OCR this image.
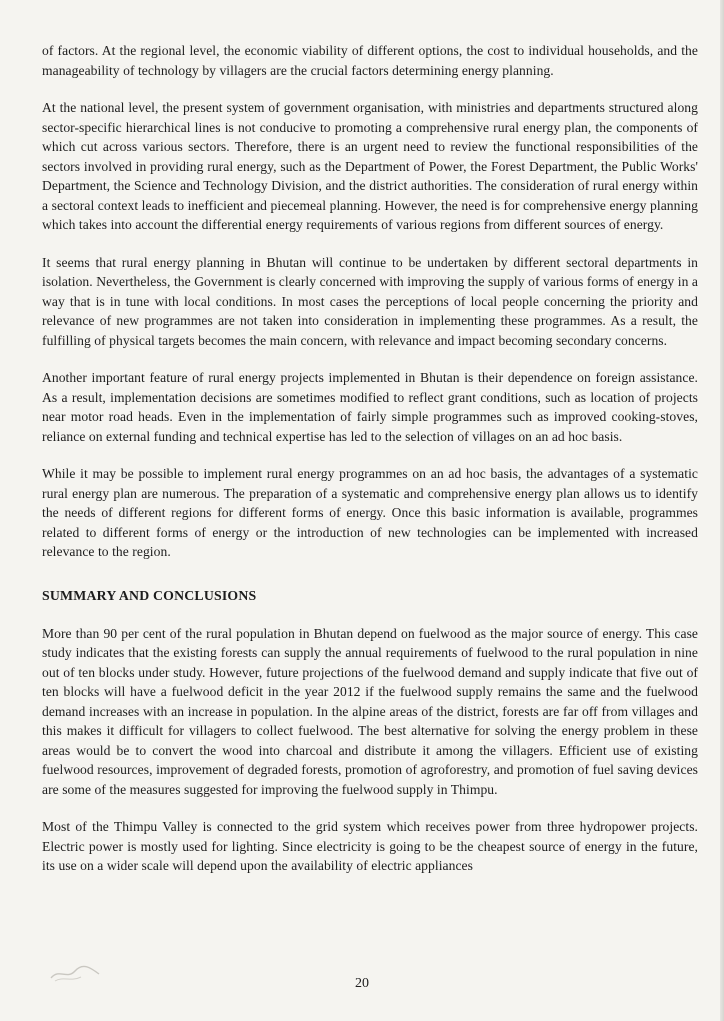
of factors. At the regional level, the economic viability of different options, the cost to individual households, and the manageability of technology by villagers are the crucial factors determining energy planning.

At the national level, the present system of government organisation, with ministries and departments structured along sector-specific hierarchical lines is not conducive to promoting a comprehensive rural energy plan, the components of which cut across various sectors. Therefore, there is an urgent need to review the functional responsibilities of the sectors involved in providing rural energy, such as the Department of Power, the Forest Department, the Public Works' Department, the Science and Technology Division, and the district authorities. The consideration of rural energy within a sectoral context leads to inefficient and piecemeal planning. However, the need is for comprehensive energy planning which takes into account the differential energy requirements of various regions from different sources of energy.

It seems that rural energy planning in Bhutan will continue to be undertaken by different sectoral departments in isolation. Nevertheless, the Government is clearly concerned with improving the supply of various forms of energy in a way that is in tune with local conditions. In most cases the perceptions of local people concerning the priority and relevance of new programmes are not taken into consideration in implementing these programmes. As a result, the fulfilling of physical targets becomes the main concern, with relevance and impact becoming secondary concerns.

Another important feature of rural energy projects implemented in Bhutan is their dependence on foreign assistance. As a result, implementation decisions are sometimes modified to reflect grant conditions, such as location of projects near motor road heads. Even in the implementation of fairly simple programmes such as improved cooking-stoves, reliance on external funding and technical expertise has led to the selection of villages on an ad hoc basis.

While it may be possible to implement rural energy programmes on an ad hoc basis, the advantages of a systematic rural energy plan are numerous. The preparation of a systematic and comprehensive energy plan allows us to identify the needs of different regions for different forms of energy. Once this basic information is available, programmes related to different forms of energy or the introduction of new technologies can be implemented with increased relevance to the region.

SUMMARY AND CONCLUSIONS

More than 90 per cent of the rural population in Bhutan depend on fuelwood as the major source of energy. This case study indicates that the existing forests can supply the annual requirements of fuelwood to the rural population in nine out of ten blocks under study. However, future projections of the fuelwood demand and supply indicate that five out of ten blocks will have a fuelwood deficit in the year 2012 if the fuelwood supply remains the same and the fuelwood demand increases with an increase in population. In the alpine areas of the district, forests are far off from villages and this makes it difficult for villagers to collect fuelwood. The best alternative for solving the energy problem in these areas would be to convert the wood into charcoal and distribute it among the villagers. Efficient use of existing fuelwood resources, improvement of degraded forests, promotion of agroforestry, and promotion of fuel saving devices are some of the measures suggested for improving the fuelwood supply in Thimpu.

Most of the Thimpu Valley is connected to the grid system which receives power from three hydropower projects. Electric power is mostly used for lighting. Since electricity is going to be the cheapest source of energy in the future, its use on a wider scale will depend upon the availability of electric appliances

20
